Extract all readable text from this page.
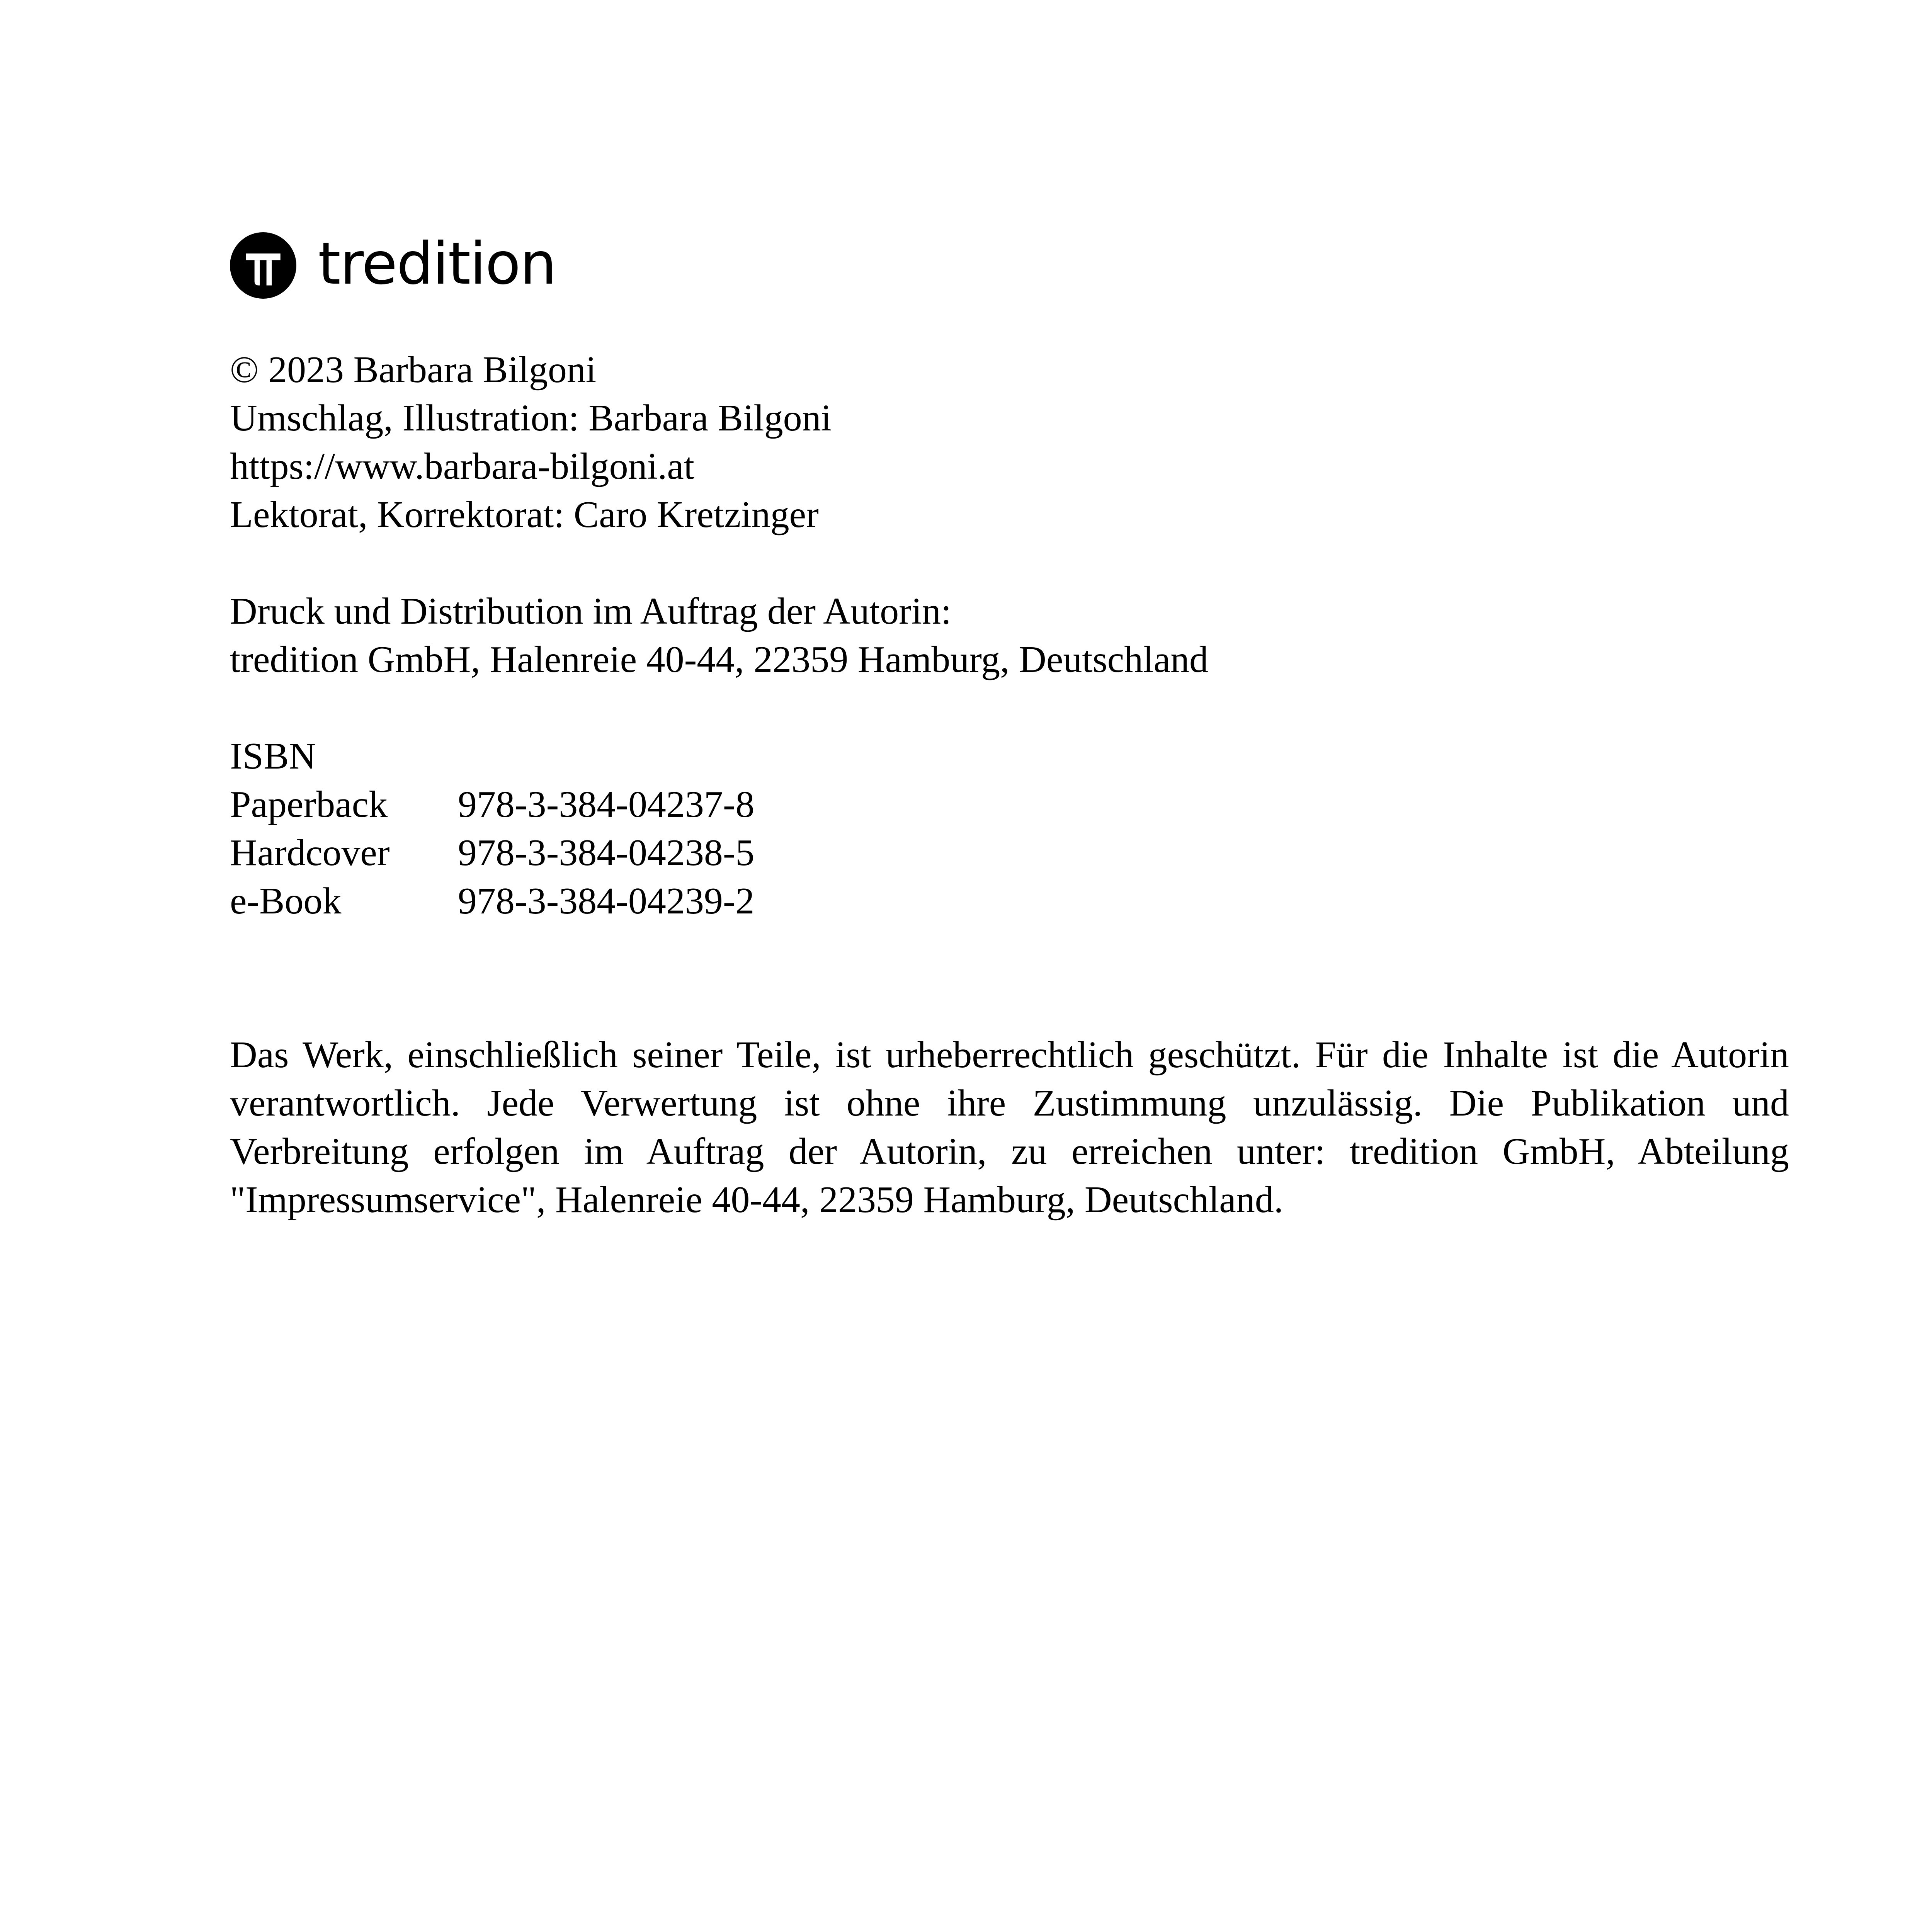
tredition
© 2023 Barbara Bilgoni
Umschlag, Illustration: Barbara Bilgoni
https://www.barbara-bilgoni.at
Lektorat, Korrektorat: Caro Kretzinger
Druck und Distribution im Auftrag der Autorin:
tredition GmbH, Halenreie 40-44, 22359 Hamburg, Deutschland
ISBN
Paperback 978-3-384-04237-8
Hardcover 978-3-384-04238-5
e-Book	978-3-384-04239-2

Das Werk, einschließlich seiner Teile, ist urheberrechtlich geschützt. Für die Inhalte ist die Autorin verantwortlich. Jede Verwertung ist ohne ihre Zustimmung unzulässig. Die Publikation und Verbreitung erfolgen im Auftrag der Autorin, zu erreichen unter: tredition GmbH, Abteilung "Impressumservice", Halenreie 40-44, 22359 Hamburg, Deutschland.
